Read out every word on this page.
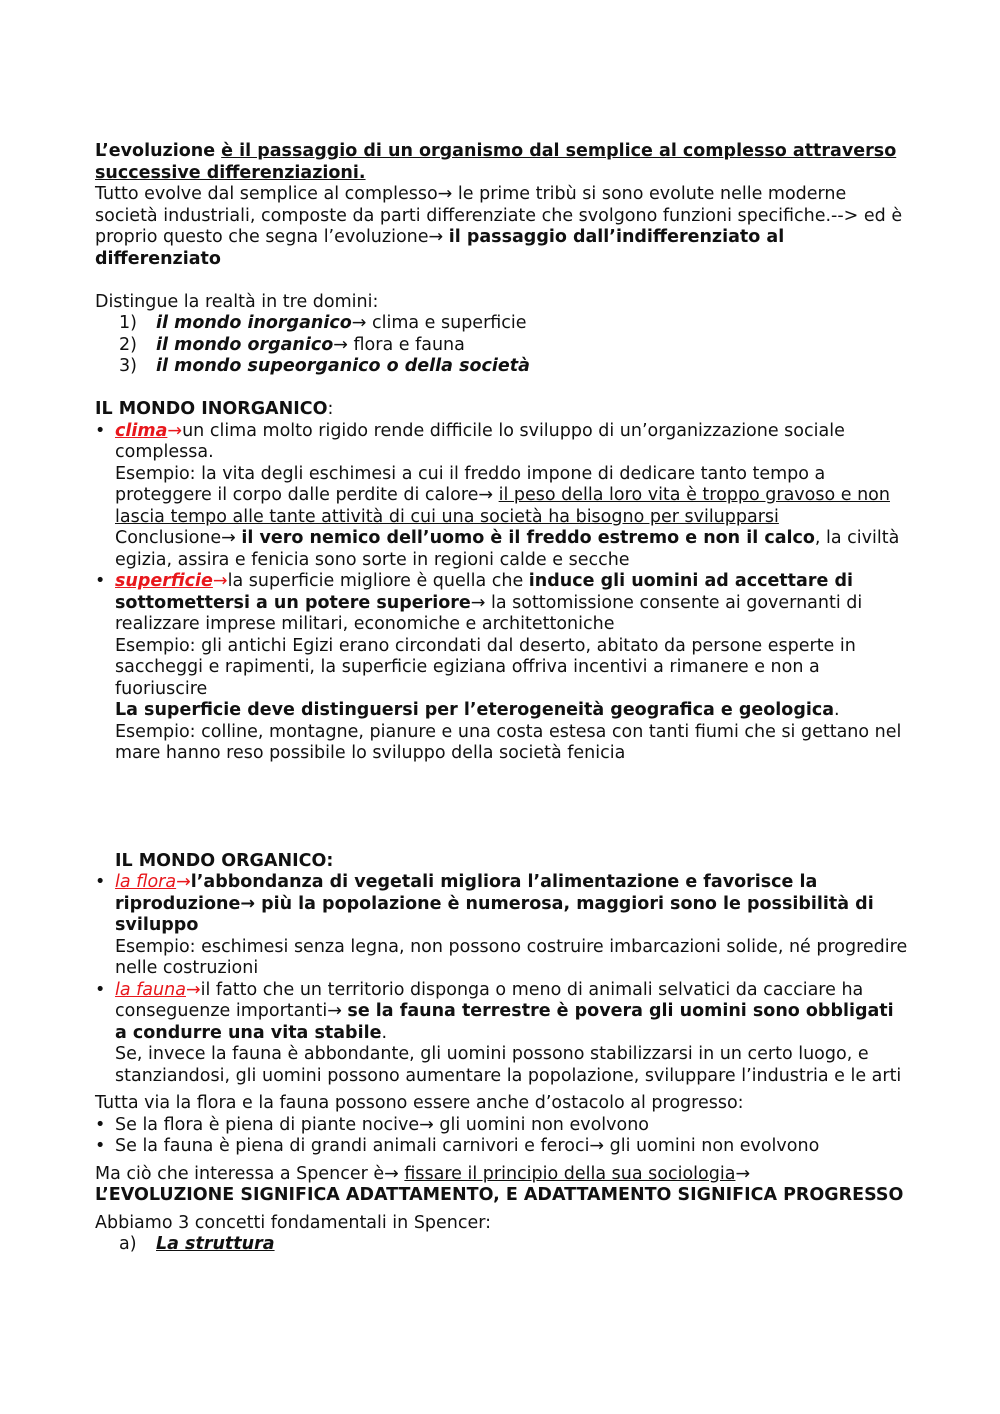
L’evoluzione è il passaggio di un organismo dal semplice al complesso attraverso successive differenziazioni.

Tutto evolve dal semplice al complesso→ le prime tribù si sono evolute nelle moderne società industriali, composte da parti differenziate che svolgono funzioni specifiche.--> ed è proprio questo che segna l’evoluzione→ il passaggio dall’indifferenziato al differenziato

Distingue la realtà in tre domini:

1) il mondo inorganico→ clima e superficie
2) il mondo organico→ flora e fauna
3) il mondo supeorganico o della società

IL MONDO INORGANICO:

• clima→un clima molto rigido rende difficile lo sviluppo di un’organizzazione sociale complessa.
Esempio: la vita degli eschimesi a cui il freddo impone di dedicare tanto tempo a proteggere il corpo dalle perdite di calore→ il peso della loro vita è troppo gravoso e non lascia tempo alle tante attività di cui una società ha bisogno per svilupparsi
Conclusione→ il vero nemico dell’uomo è il freddo estremo e non il calco, la civiltà egizia, assira e fenicia sono sorte in regioni calde e secche
• superficie→la superficie migliore è quella che induce gli uomini ad accettare di sottomettersi a un potere superiore→ la sottomissione consente ai governanti di realizzare imprese militari, economiche e architettoniche
Esempio: gli antichi Egizi erano circondati dal deserto, abitato da persone esperte in saccheggi e rapimenti, la superficie egiziana offriva incentivi a rimanere e non a fuoriuscire
La superficie deve distinguersi per l’eterogeneità geografica e geologica.
Esempio: colline, montagne, pianure e una costa estesa con tanti fiumi che si gettano nel mare hanno reso possibile lo sviluppo della società fenicia

IL MONDO ORGANICO:

• la flora→l’abbondanza di vegetali migliora l’alimentazione e favorisce la riproduzione→ più la popolazione è numerosa, maggiori sono le possibilità di sviluppo
Esempio: eschimesi senza legna, non possono costruire imbarcazioni solide, né progredire nelle costruzioni
• la fauna→il fatto che un territorio disponga o meno di animali selvatici da cacciare ha conseguenze importanti→ se la fauna terrestre è povera gli uomini sono obbligati a condurre una vita stabile.
Se, invece la fauna è abbondante, gli uomini possono stabilizzarsi in un certo luogo, e stanziandosi, gli uomini possono aumentare la popolazione, sviluppare l’industria e le arti

Tutta via la flora e la fauna possono essere anche d’ostacolo al progresso:

• Se la flora è piena di piante nocive→ gli uomini non evolvono
• Se la fauna è piena di grandi animali carnivori e feroci→ gli uomini non evolvono

Ma ciò che interessa a Spencer è→ fissare il principio della sua sociologia→

L’EVOLUZIONE SIGNIFICA ADATTAMENTO, E ADATTAMENTO SIGNIFICA PROGRESSO

Abbiamo 3 concetti fondamentali in Spencer:

a) La struttura
